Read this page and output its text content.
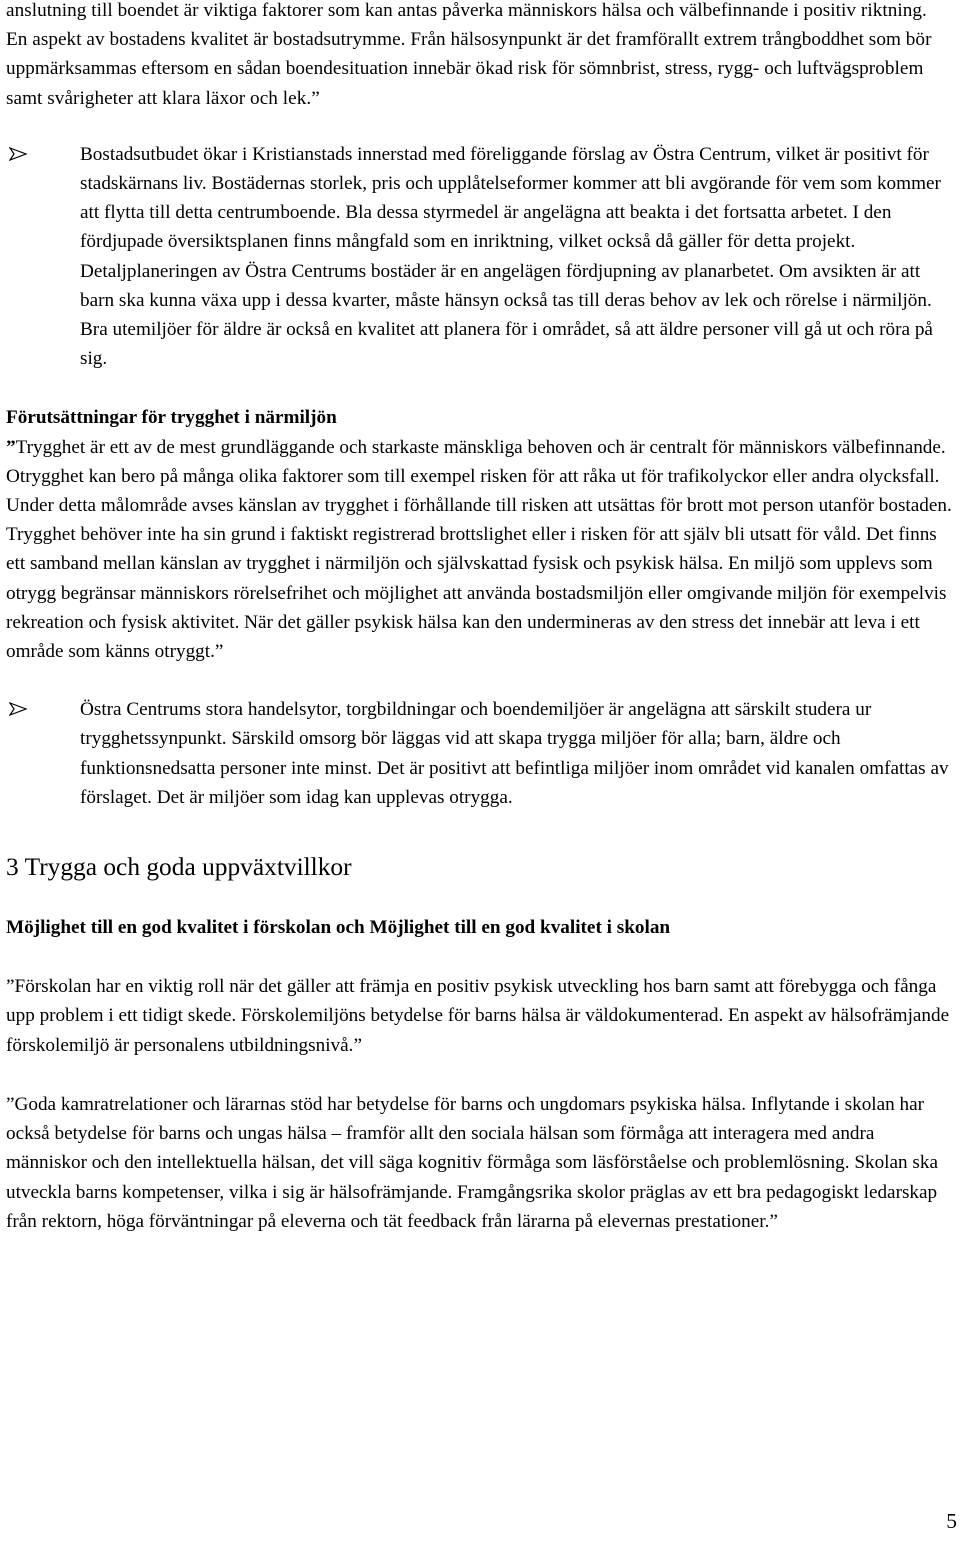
anslutning till boendet är viktiga faktorer som kan antas påverka människors hälsa och välbefinnande i positiv riktning. En aspekt av bostadens kvalitet är bostadsutrymme. Från hälsosynpunkt är det framförallt extrem trångboddhet som bör uppmärksammas eftersom en sådan boendesituation innebär ökad risk för sömnbrist, stress, rygg- och luftvägsproblem samt svårigheter att klara läxor och lek.”

Bostadsutbudet ökar i Kristianstads innerstad med föreliggande förslag av Östra Centrum, vilket är positivt för stadskärnans liv. Bostädernas storlek, pris och upplåtelseformer kommer att bli avgörande för vem som kommer att flytta till detta centrumboende. Bla dessa styrmedel är angelägna att beakta i det fortsatta arbetet. I den fördjupade översiktsplanen finns mångfald som en inriktning, vilket också då gäller för detta projekt. Detaljplaneringen av Östra Centrums bostäder är en angelägen fördjupning av planarbetet. Om avsikten är att barn ska kunna växa upp i dessa kvarter, måste hänsyn också tas till deras behov av lek och rörelse i närmiljön. Bra utemiljöer för äldre är också en kvalitet att planera för i området, så att äldre personer vill gå ut och röra på sig.

Förutsättningar för trygghet i närmiljön

”Trygghet är ett av de mest grundläggande och starkaste mänskliga behoven och är centralt för människors välbefinnande. Otrygghet kan bero på många olika faktorer som till exempel risken för att råka ut för trafikolyckor eller andra olycksfall. Under detta målområde avses känslan av trygghet i förhållande till risken att utsättas för brott mot person utanför bostaden. Trygghet behöver inte ha sin grund i faktiskt registrerad brottslighet eller i risken för att själv bli utsatt för våld. Det finns ett samband mellan känslan av trygghet i närmiljön och självskattad fysisk och psykisk hälsa. En miljö som upplevs som otrygg begränsar människors rörelsefrihet och möjlighet att använda bostadsmiljön eller omgivande miljön för exempelvis rekreation och fysisk aktivitet. När det gäller psykisk hälsa kan den undermineras av den stress det innebär att leva i ett område som känns otryggt.”

Östra Centrums stora handelsytor, torgbildningar och boendemiljöer är angelägna att särskilt studera ur trygghetssynpunkt. Särskild omsorg bör läggas vid att skapa trygga miljöer för alla; barn, äldre och funktionsnedsatta personer inte minst. Det är positivt att befintliga miljöer inom området vid kanalen omfattas av förslaget. Det är miljöer som idag kan upplevas otrygga.

3 Trygga och goda uppväxtvillkor

Möjlighet till en god kvalitet i förskolan och Möjlighet till en god kvalitet i skolan

”Förskolan har en viktig roll när det gäller att främja en positiv psykisk utveckling hos barn samt att förebygga och fånga upp problem i ett tidigt skede. Förskolemiljöns betydelse för barns hälsa är väldokumenterad. En aspekt av hälsofrämjande förskolemiljö är personalens utbildningsnivå.”

”Goda kamratrelationer och lärarnas stöd har betydelse för barns och ungdomars psykiska hälsa. Inflytande i skolan har också betydelse för barns och ungas hälsa – framför allt den sociala hälsan som förmåga att interagera med andra människor och den intellektuella hälsan, det vill säga kognitiv förmåga som läsförståelse och problemlösning. Skolan ska utveckla barns kompetenser, vilka i sig är hälsofrämjande. Framgångsrika skolor präglas av ett bra pedagogiskt ledarskap från rektorn, höga förväntningar på eleverna och tät feedback från lärarna på elevernas prestationer.”

5
